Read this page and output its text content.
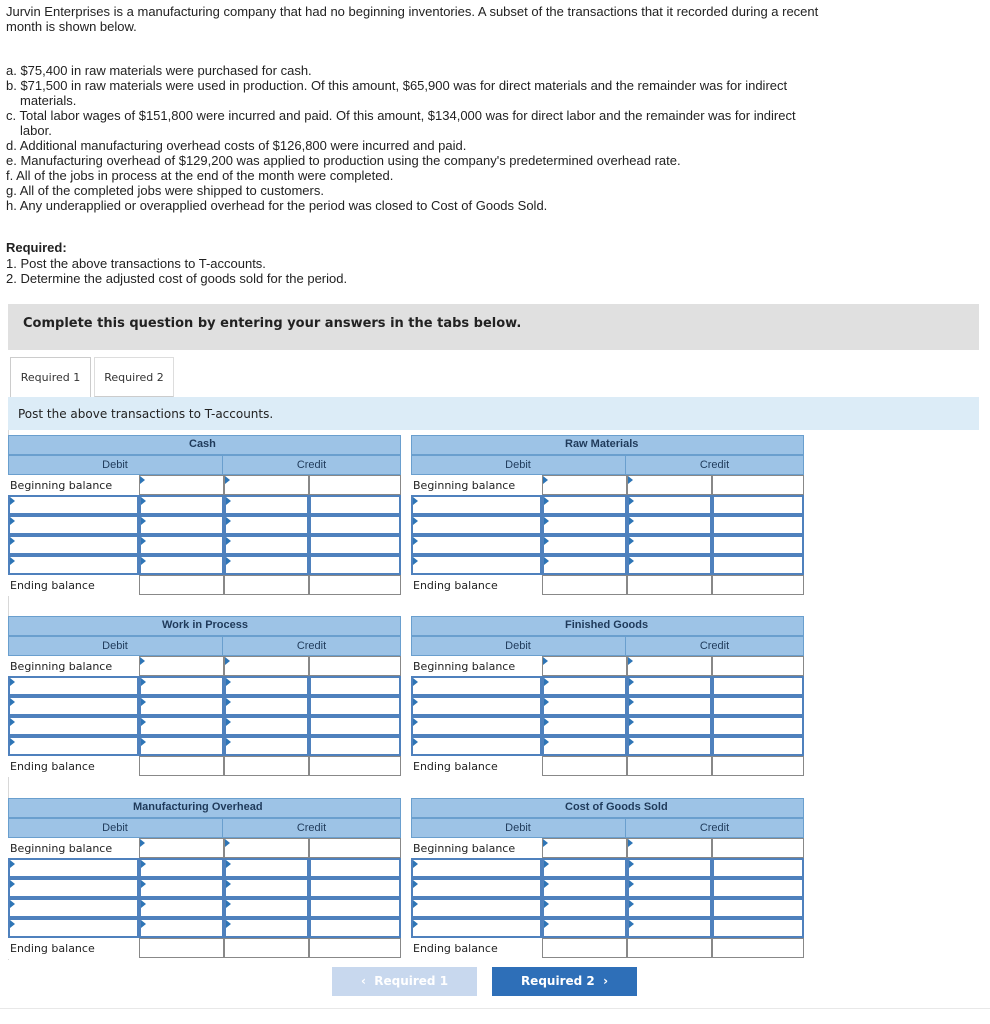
Jurvin Enterprises is a manufacturing company that had no beginning inventories. A subset of the transactions that it recorded during a recent month is shown below.
a. $75,400 in raw materials were purchased for cash.
b. $71,500 in raw materials were used in production. Of this amount, $65,900 was for direct materials and the remainder was for indirect materials.
c. Total labor wages of $151,800 were incurred and paid. Of this amount, $134,000 was for direct labor and the remainder was for indirect labor.
d. Additional manufacturing overhead costs of $126,800 were incurred and paid.
e. Manufacturing overhead of $129,200 was applied to production using the company's predetermined overhead rate.
f. All of the jobs in process at the end of the month were completed.
g. All of the completed jobs were shipped to customers.
h. Any underapplied or overapplied overhead for the period was closed to Cost of Goods Sold.
Required:
1. Post the above transactions to T-accounts.
2. Determine the adjusted cost of goods sold for the period.
Complete this question by entering your answers in the tabs below.
Required 1	Required 2
Post the above transactions to T-accounts.
Cash
Debit	Credit
Beginning balance
Ending balance
Raw Materials
Debit	Credit
Beginning balance
Ending balance
Work in Process
Debit	Credit
Beginning balance
Ending balance
Finished Goods
Debit	Credit
Beginning balance
Ending balance
Manufacturing Overhead
Debit	Credit
Beginning balance
Ending balance
Cost of Goods Sold
Debit	Credit
Beginning balance
Ending balance
‹ Required 1	Required 2 ›
